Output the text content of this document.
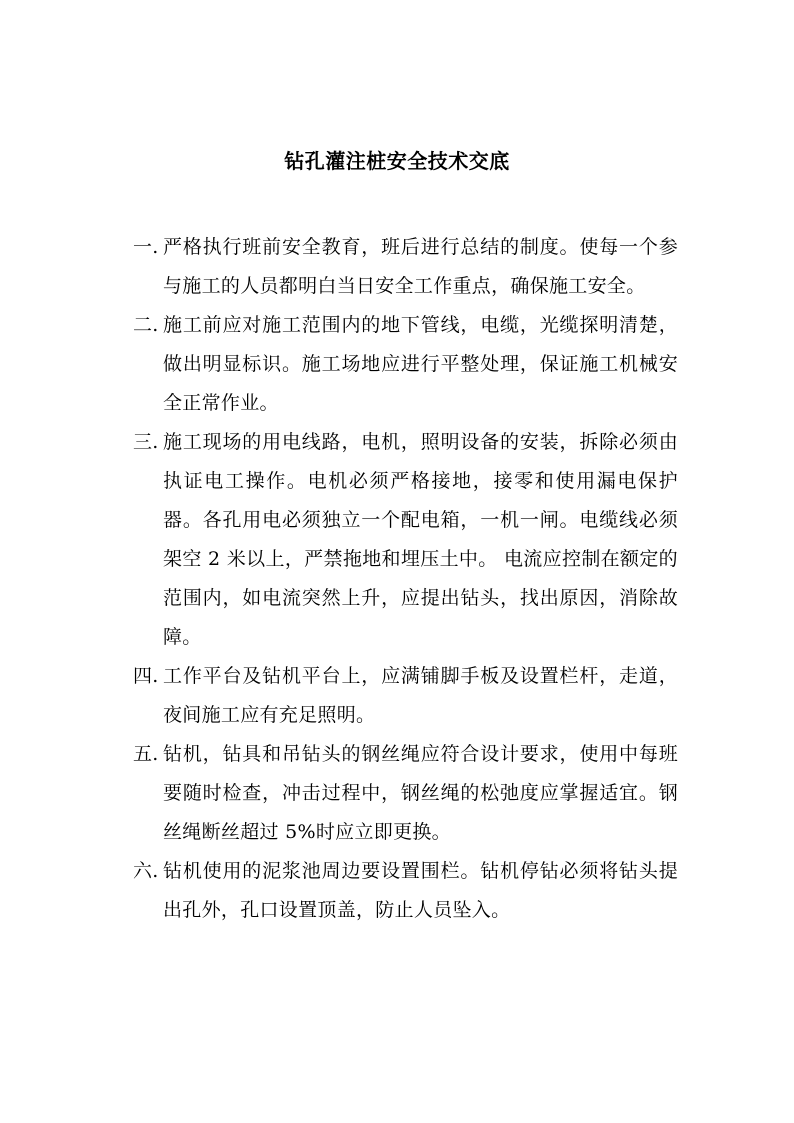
钻孔灌注桩安全技术交底
一. 严格执行班前安全教育，班后进行总结的制度。使每一个参与施工的人员都明白当日安全工作重点，确保施工安全。
二. 施工前应对施工范围内的地下管线，电缆，光缆探明清楚，做出明显标识。施工场地应进行平整处理，保证施工机械安全正常作业。
三. 施工现场的用电线路，电机，照明设备的安装，拆除必须由执证电工操作。电机必须严格接地，接零和使用漏电保护器。各孔用电必须独立一个配电箱，一机一闸。电缆线必须架空 2 米以上，严禁拖地和埋压土中。 电流应控制在额定的范围内，如电流突然上升，应提出钻头，找出原因，消除故障。
四. 工作平台及钻机平台上，应满铺脚手板及设置栏杆，走道，夜间施工应有充足照明。
五. 钻机，钻具和吊钻头的钢丝绳应符合设计要求，使用中每班要随时检查，冲击过程中，钢丝绳的松弛度应掌握适宜。钢丝绳断丝超过 5%时应立即更换。
六. 钻机使用的泥浆池周边要设置围栏。钻机停钻必须将钻头提出孔外，孔口设置顶盖，防止人员坠入。
